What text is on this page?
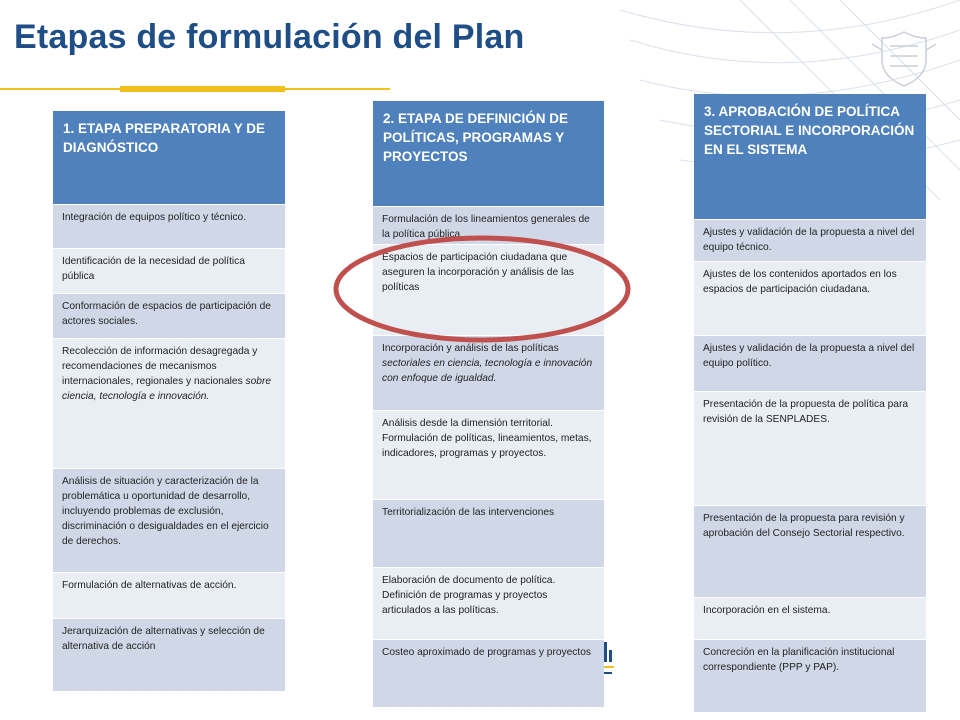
Etapas de formulación del Plan
1. ETAPA PREPARATORIA Y DE DIAGNÓSTICO
Integración de equipos político y técnico.
Identificación de la necesidad de política pública
Conformación de espacios de participación de actores sociales.
Recolección de información desagregada y recomendaciones de mecanismos internacionales, regionales y nacionales sobre ciencia, tecnología e innovación.
Análisis de situación y caracterización de la problemática u oportunidad de desarrollo, incluyendo problemas de exclusión, discriminación o desigualdades en el ejercicio de derechos.
Formulación de alternativas de acción.
Jerarquización de alternativas y selección de alternativa de acción
2. ETAPA DE DEFINICIÓN DE POLÍTICAS, PROGRAMAS Y PROYECTOS
Formulación de los lineamientos generales de la política pública.
Espacios de participación ciudadana que aseguren la incorporación y análisis de las políticas
Incorporación y análisis de las políticas sectoriales en ciencia, tecnología e innovación con enfoque de igualdad.
Análisis desde la dimensión territorial. Formulación de políticas, lineamientos, metas, indicadores, programas y proyectos.
Territorialización de las intervenciones
Elaboración de documento de política. Definición de programas y proyectos articulados a las políticas.
Costeo aproximado de programas y proyectos
3. APROBACIÓN DE POLÍTICA SECTORIAL E INCORPORACIÓN EN EL SISTEMA
Ajustes y validación de la propuesta a nivel del equipo técnico.
Ajustes de los contenidos aportados en los espacios de participación ciudadana.
Ajustes y validación de la propuesta a nivel del equipo político.
Presentación de la propuesta de política para revisión de la SENPLADES.
Presentación de la propuesta para revisión y aprobación del Consejo Sectorial respectivo.
Incorporación en el sistema.
Concreción en la planificación institucional correspondiente (PPP y PAP).
